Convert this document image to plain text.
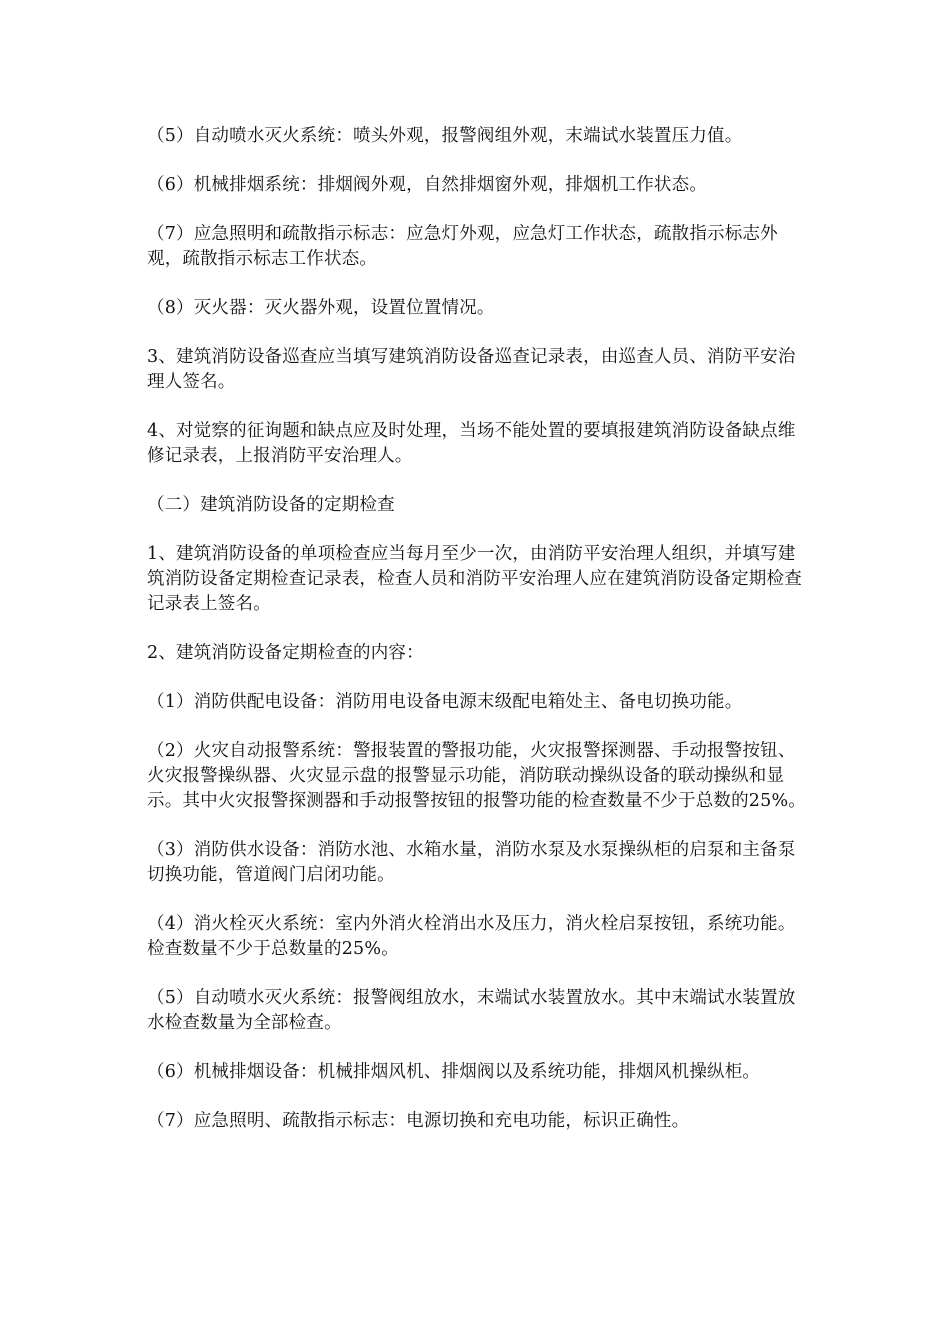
（5）自动喷水灭火系统：喷头外观，报警阀组外观，末端试水装置压力值。

（6）机械排烟系统：排烟阀外观，自然排烟窗外观，排烟机工作状态。

（7）应急照明和疏散指示标志：应急灯外观，应急灯工作状态，疏散指示标志外观，疏散指示标志工作状态。

（8）灭火器：灭火器外观，设置位置情况。

3、建筑消防设备巡查应当填写建筑消防设备巡查记录表，由巡查人员、消防平安治理人签名。

4、对觉察的征询题和缺点应及时处理，当场不能处置的要填报建筑消防设备缺点维修记录表，上报消防平安治理人。

（二）建筑消防设备的定期检查

1、建筑消防设备的单项检查应当每月至少一次，由消防平安治理人组织，并填写建筑消防设备定期检查记录表，检查人员和消防平安治理人应在建筑消防设备定期检查记录表上签名。

2、建筑消防设备定期检查的内容：

（1）消防供配电设备：消防用电设备电源末级配电箱处主、备电切换功能。

（2）火灾自动报警系统：警报装置的警报功能，火灾报警探测器、手动报警按钮、火灾报警操纵器、火灾显示盘的报警显示功能，消防联动操纵设备的联动操纵和显示。其中火灾报警探测器和手动报警按钮的报警功能的检查数量不少于总数的25%。

（3）消防供水设备：消防水池、水箱水量，消防水泵及水泵操纵柜的启泵和主备泵切换功能，管道阀门启闭功能。

（4）消火栓灭火系统：室内外消火栓消出水及压力，消火栓启泵按钮，系统功能。检查数量不少于总数量的25%。

（5）自动喷水灭火系统：报警阀组放水，末端试水装置放水。其中末端试水装置放水检查数量为全部检查。

（6）机械排烟设备：机械排烟风机、排烟阀以及系统功能，排烟风机操纵柜。

（7）应急照明、疏散指示标志：电源切换和充电功能，标识正确性。
